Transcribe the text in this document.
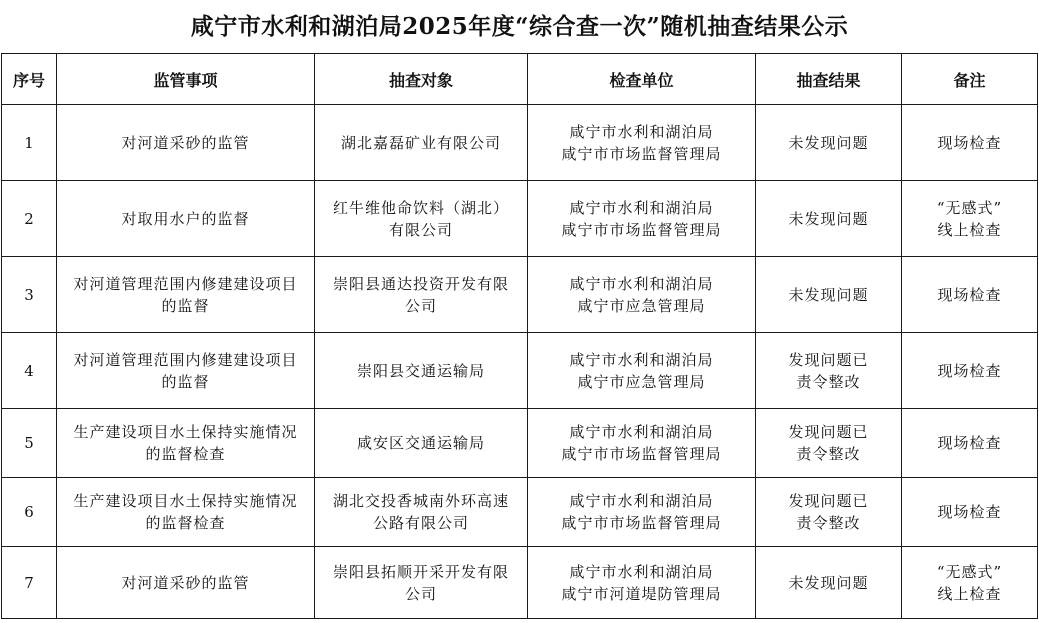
咸宁市水利和湖泊局2025年度“综合查一次”随机抽查结果公示
序号	监管事项	抽查对象	检查单位	抽查结果	备注
1	对河道采砂的监管	湖北嘉磊矿业有限公司	咸宁市水利和湖泊局
咸宁市市场监督管理局	未发现问题	现场检查

2	对取用水户的监督	红牛维他命饮料（湖北）
有限公司	咸宁市水利和湖泊局
咸宁市市场监督管理局	未发现问题	“无感式”
线上检查

3	对河道管理范围内修建建设项目
的监督	崇阳县通达投资开发有限
公司	咸宁市水利和湖泊局
咸宁市应急管理局	未发现问题	现场检查

4	对河道管理范围内修建建设项目
的监督	崇阳县交通运输局	咸宁市水利和湖泊局
咸宁市应急管理局	发现问题已
责令整改	现场检查

5	生产建设项目水土保持实施情况
的监督检查	咸安区交通运输局	咸宁市水利和湖泊局
咸宁市市场监督管理局	发现问题已
责令整改	现场检查

6	生产建设项目水土保持实施情况
的监督检查	湖北交投香城南外环高速
公路有限公司	咸宁市水利和湖泊局
咸宁市市场监督管理局	发现问题已
责令整改	现场检查

7	对河道采砂的监管	崇阳县拓顺开采开发有限
公司	咸宁市水利和湖泊局
咸宁市河道堤防管理局	未发现问题	“无感式”
线上检查
